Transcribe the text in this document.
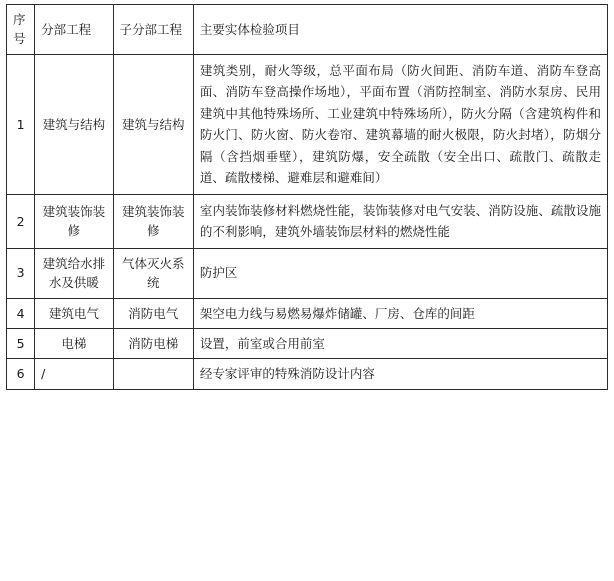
序号	分部工程	子分部工程	主要实体检验项目
1	建筑与结构	建筑与结构	建筑类别，耐火等级，总平面布局（防火间距、消防车道、消防车登高面、消防车登高操作场地），平面布置（消防控制室、消防水泵房、民用建筑中其他特殊场所、工业建筑中特殊场所），防火分隔（含建筑构件和防火门、防火窗、防火卷帘、建筑幕墙的耐火极限，防火封堵），防烟分隔（含挡烟垂壁），建筑防爆，安全疏散（安全出口、疏散门、疏散走道、疏散楼梯、避难层和避难间）
2	建筑装饰装修	建筑装饰装修	室内装饰装修材料燃烧性能，装饰装修对电气安装、消防设施、疏散设施的不利影响，建筑外墙装饰层材料的燃烧性能
3	建筑给水排水及供暖	气体灭火系统	防护区
4	建筑电气	消防电气	架空电力线与易燃易爆炸储罐、厂房、仓库的间距
5	电梯	消防电梯	设置，前室或合用前室
6	/		经专家评审的特殊消防设计内容
